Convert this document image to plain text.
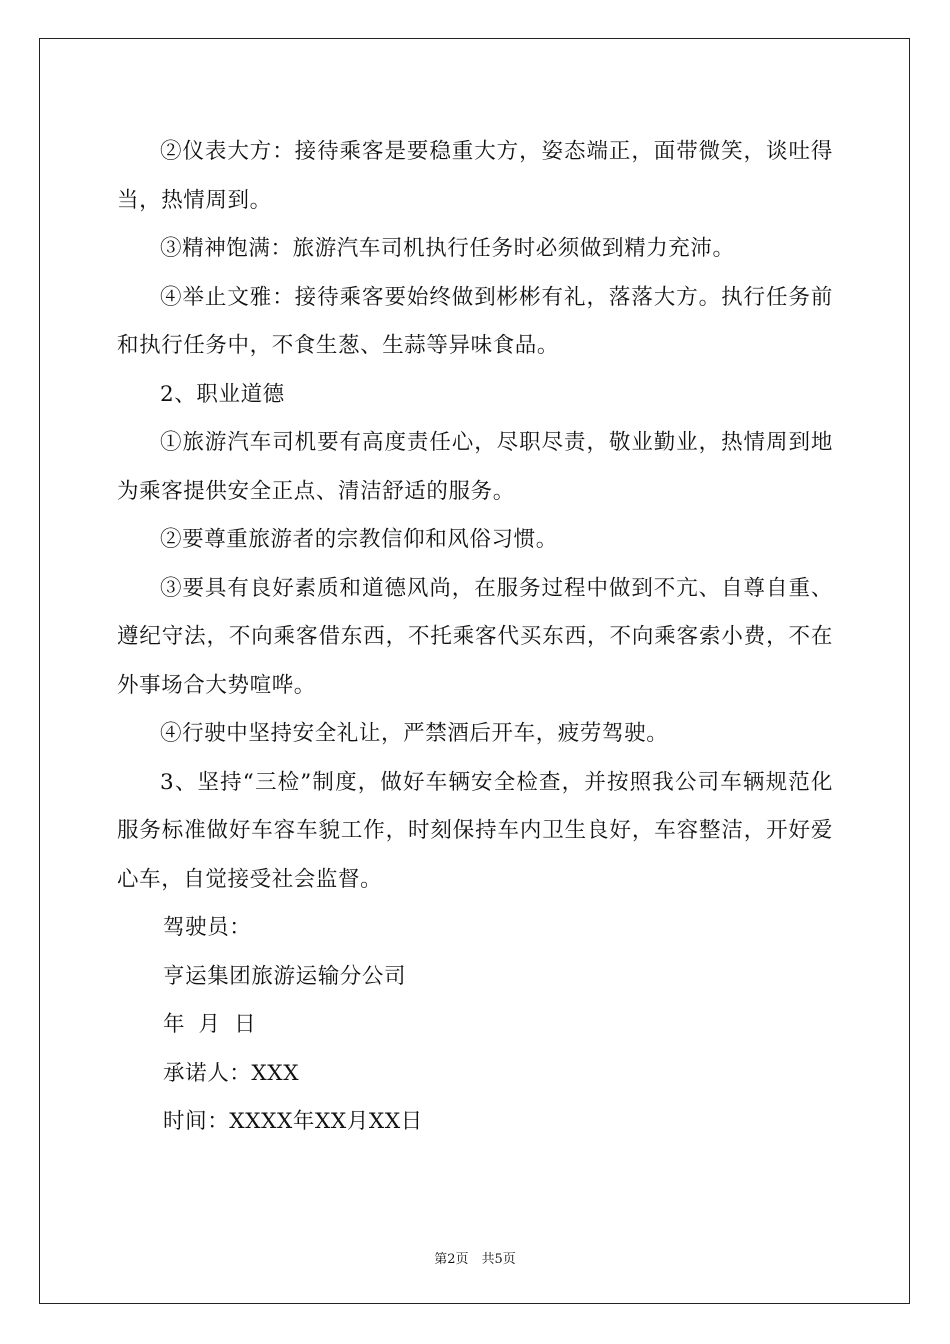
②仪表大方：接待乘客是要稳重大方，姿态端正，面带微笑，谈吐得当，热情周到。

③精神饱满：旅游汽车司机执行任务时必须做到精力充沛。

④举止文雅：接待乘客要始终做到彬彬有礼，落落大方。执行任务前和执行任务中，不食生葱、生蒜等异味食品。

2、职业道德

①旅游汽车司机要有高度责任心，尽职尽责，敬业勤业，热情周到地为乘客提供安全正点、清洁舒适的服务。

②要尊重旅游者的宗教信仰和风俗习惯。

③要具有良好素质和道德风尚，在服务过程中做到不亢、自尊自重、遵纪守法，不向乘客借东西，不托乘客代买东西，不向乘客索小费，不在外事场合大势喧哗。

④行驶中坚持安全礼让，严禁酒后开车，疲劳驾驶。

3、坚持“三检”制度，做好车辆安全检查，并按照我公司车辆规范化服务标准做好车容车貌工作，时刻保持车内卫生良好，车容整洁，开好爱心车，自觉接受社会监督。

驾驶员：

亨运集团旅游运输分公司

年 月 日

承诺人：XXX

时间：XXXX年XX月XX日

第2页　共5页
